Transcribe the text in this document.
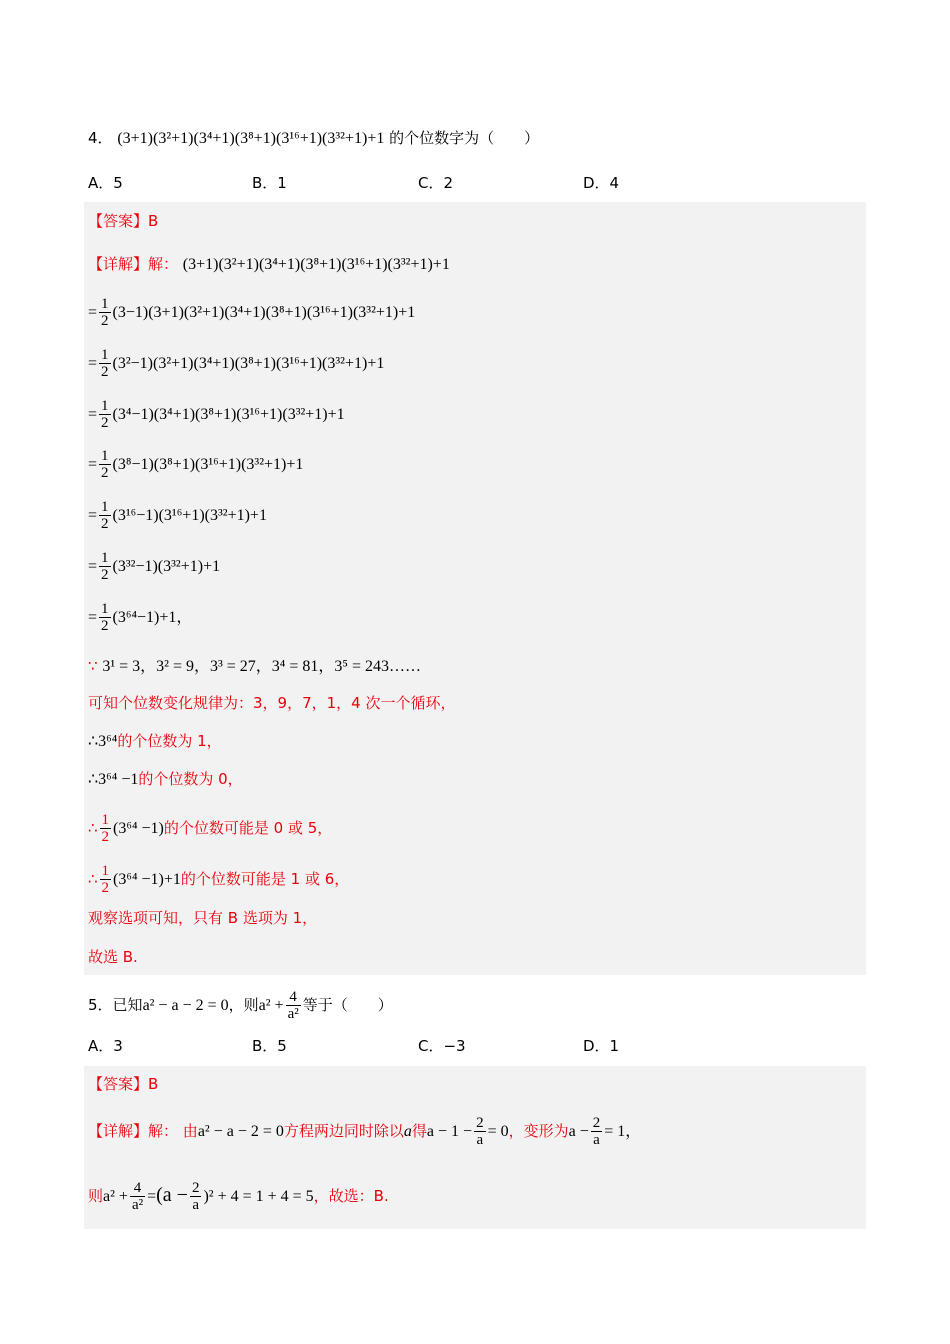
4． (3+1)(3²+1)(3⁴+1)(3⁸+1)(3¹⁶+1)(3³²+1)+1 的个位数字为（　　）
A．5	B．1	C．2	D．4
【答案】B
【详解】解： (3+1)(3²+1)(3⁴+1)(3⁸+1)(3¹⁶+1)(3³²+1)+1
= $\frac{1}{2} (3-1)(3+1)(3^2+1)(3^4+1)(3^8+1)(3^{16}+1)(3^{32}+1)+1$
= $\frac{1}{2} (3^2-1)(3^2+1)(3^4+1)(3^8+1)(3^{16}+1)(3^{32}+1)+1$
= $\frac{1}{2} (3^4-1)(3^4+1)(3^8+1)(3^{16}+1)(3^{32}+1)+1$
= $\frac{1}{2} (3^8-1)(3^8+1)(3^{16}+1)(3^{32}+1)+1$
= $\frac{1}{2} (3^{16}-1)(3^{16}+1)(3^{32}+1)+1$
= $\frac{1}{2} (3^{32}-1)(3^{32}+1)+1$
= $\frac{1}{2} (3^{64}-1)+1$，
∵ 3¹ = 3，3² = 9，3³ = 27，3⁴ = 81，3⁵ = 243……
可知个位数变化规律为：3，9，7，1，4 次一个循环，
∴3⁶⁴的个位数为 1，
∴3⁶⁴ −1的个位数为 0，
∴ $\frac{1}{2} (3^{64} -1)$的个位数可能是 0 或 5，
∴ $\frac{1}{2} (3^{64} -1)+1$的个位数可能是 1 或 6，
观察选项可知，只有 B 选项为 1，
故选 B.
5．已知a² − a − 2 = 0，则$a^2 + \frac{4}{\text{a²}}$ 等于（　　）
A．3	B．5	C．−3	D．1
【答案】B
【详解】解： 由a² − a − 2 = 0方程两边同时除以a得$a - 1 - \frac{2}{a} = 0$，变形为$a - \frac{2}{a} = 1$，
则$a^2 + \frac{4}{\text{a²}} =(a - \frac{2}{a} )^2 + 4 = 1 + 4 = 5$，故选：B.
